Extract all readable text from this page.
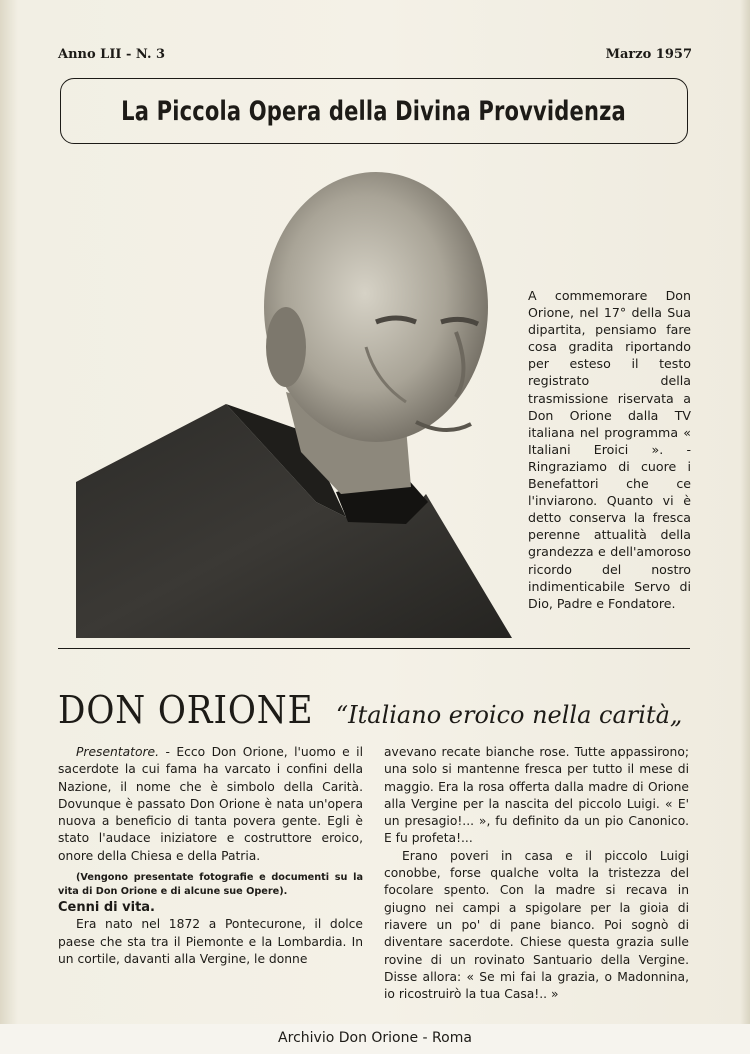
Anno LII - N. 3	Marzo 1957
La Piccola Opera della Divina Provvidenza
A commemorare Don Orione, nel 17° della Sua dipartita, pensiamo fare cosa gradita riportando per esteso il testo registrato della trasmissione riservata a Don Orione dalla TV italiana nel programma « Italiani Eroici ». - Ringraziamo di cuore i Benefattori che ce l'inviarono. Quanto vi è detto conserva la fresca perenne attualità della grandezza e dell'amoroso ricordo del nostro indimenticabile Servo di Dio, Padre e Fondatore.
DON ORIONE “Italiano eroico nella carità„

Presentatore. - Ecco Don Orione, l'uomo e il sacerdote la cui fama ha varcato i confini della Nazione, il nome che è simbolo della Carità. Dovunque è passato Don Orione è nata un'opera nuova a beneficio di tanta povera gente. Egli è stato l'audace iniziatore e costruttore eroico, onore della Chiesa e della Patria.

(Vengono presentate fotografie e documenti su la vita di Don Orione e di alcune sue Opere).

Cenni di vita.

Era nato nel 1872 a Pontecurone, il dolce paese che sta tra il Piemonte e la Lombardia. In un cortile, davanti alla Vergine, le donne

avevano recate bianche rose. Tutte appassirono; una solo si mantenne fresca per tutto il mese di maggio. Era la rosa offerta dalla madre di Orione alla Vergine per la nascita del piccolo Luigi. « E' un presagio!... », fu definito da un pio Canonico. E fu profeta!...

Erano poveri in casa e il piccolo Luigi conobbe, forse qualche volta la tristezza del focolare spento. Con la madre si recava in giugno nei campi a spigolare per la gioia di riavere un po' di pane bianco. Poi sognò di diventare sacerdote. Chiese questa grazia sulle rovine di un rovinato Santuario della Vergine. Disse allora: « Se mi fai la grazia, o Madonnina, io ricostruirò la tua Casa!.. »

Archivio Don Orione - Roma
